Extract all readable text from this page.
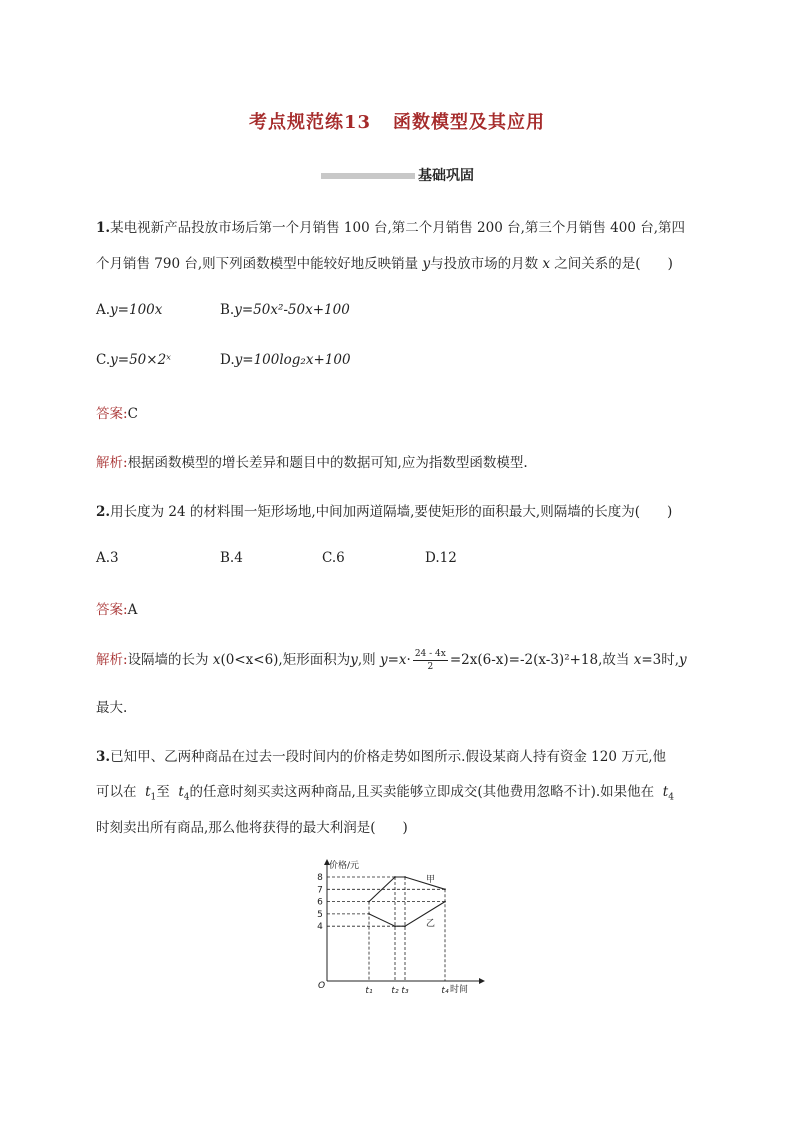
考点规范练13 函数模型及其应用
基础巩固
1.某电视新产品投放市场后第一个月销售 100 台,第二个月销售 200 台,第三个月销售 400 台,第四
个月销售 790 台,则下列函数模型中能较好地反映销量 y与投放市场的月数 x 之间关系的是(　　)
A.y=100x	B.y=50x²-50x+100
C.y=50×2ˣ	D.y=100log₂x+100
答案:C
解析:根据函数模型的增长差异和题目中的数据可知,应为指数型函数模型.
2.用长度为 24 的材料围一矩形场地,中间加两道隔墙,要使矩形的面积最大,则隔墙的长度为(　　)
A.3	B.4	C.6	D.12
答案:A
解析:设隔墙的长为 x(0<x<6),矩形面积为y,则 $y=x\cdot \frac{24 - 4x}{2} =2x(6-x)=-2(x-3)^2+18$,故当 x=3时,y
最大.
3.已知甲、乙两种商品在过去一段时间内的价格走势如图所示.假设某商人持有资金 120 万元,他
可以在 $t_1$至 $t_4$的任意时刻买卖这两种商品,且买卖能够立即成交(其他费用忽略不计).如果他在 $t_4$
时刻卖出所有商品,那么他将获得的最大利润是(　　)
价格/元
时间
O
4
5
6
7
8
t₁ t₂ t₃	t₄
甲
乙
